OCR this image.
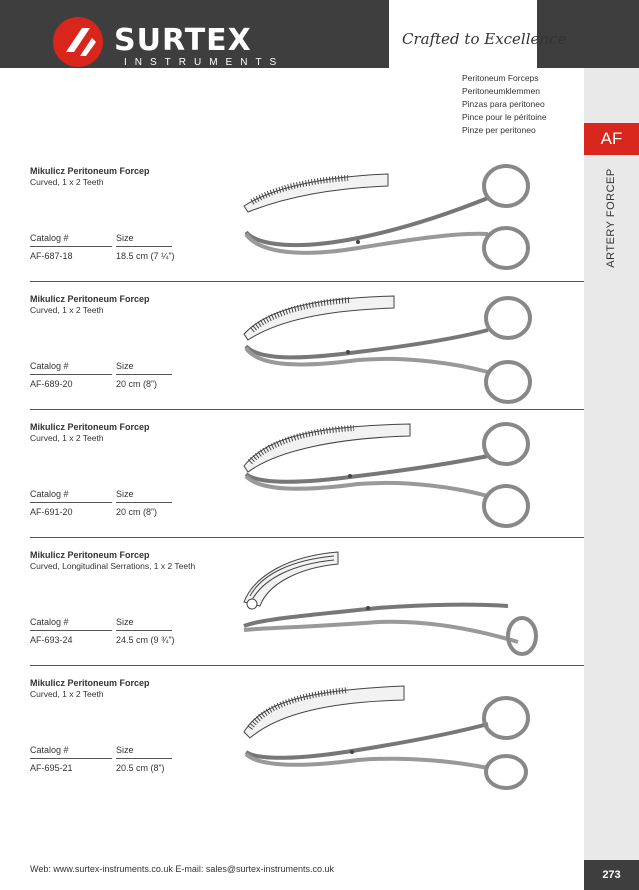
SURTEX
INSTRUMENTS
Crafted to Excellence
Peritoneum Forceps
Peritoneumklemmen
Pinzas para peritoneo
Pince pour le péritoine
Pinze per peritoneo	AF
ARTERY FORCEP
273
Mikulicz Peritoneum Forcep
Curved, 1 x 2 Teeth
Catalog #	Size
AF-687-18	18.5 cm (7 ¼”)
Mikulicz Peritoneum Forcep
Curved, 1 x 2 Teeth
Catalog #	Size
AF-689-20	20 cm (8”)
Mikulicz Peritoneum Forcep
Curved, 1 x 2 Teeth
Catalog #	Size
AF-691-20	20 cm (8”)
Mikulicz Peritoneum Forcep
Curved, Longitudinal Serrations, 1 x 2 Teeth
Catalog #	Size
AF-693-24	24.5 cm (9 ¾”)
Mikulicz Peritoneum Forcep
Curved, 1 x 2 Teeth
Catalog #	Size
AF-695-21	20.5 cm (8”)
Web: www.surtex-instruments.co.uk E-mail: sales@surtex-instruments.co.uk
